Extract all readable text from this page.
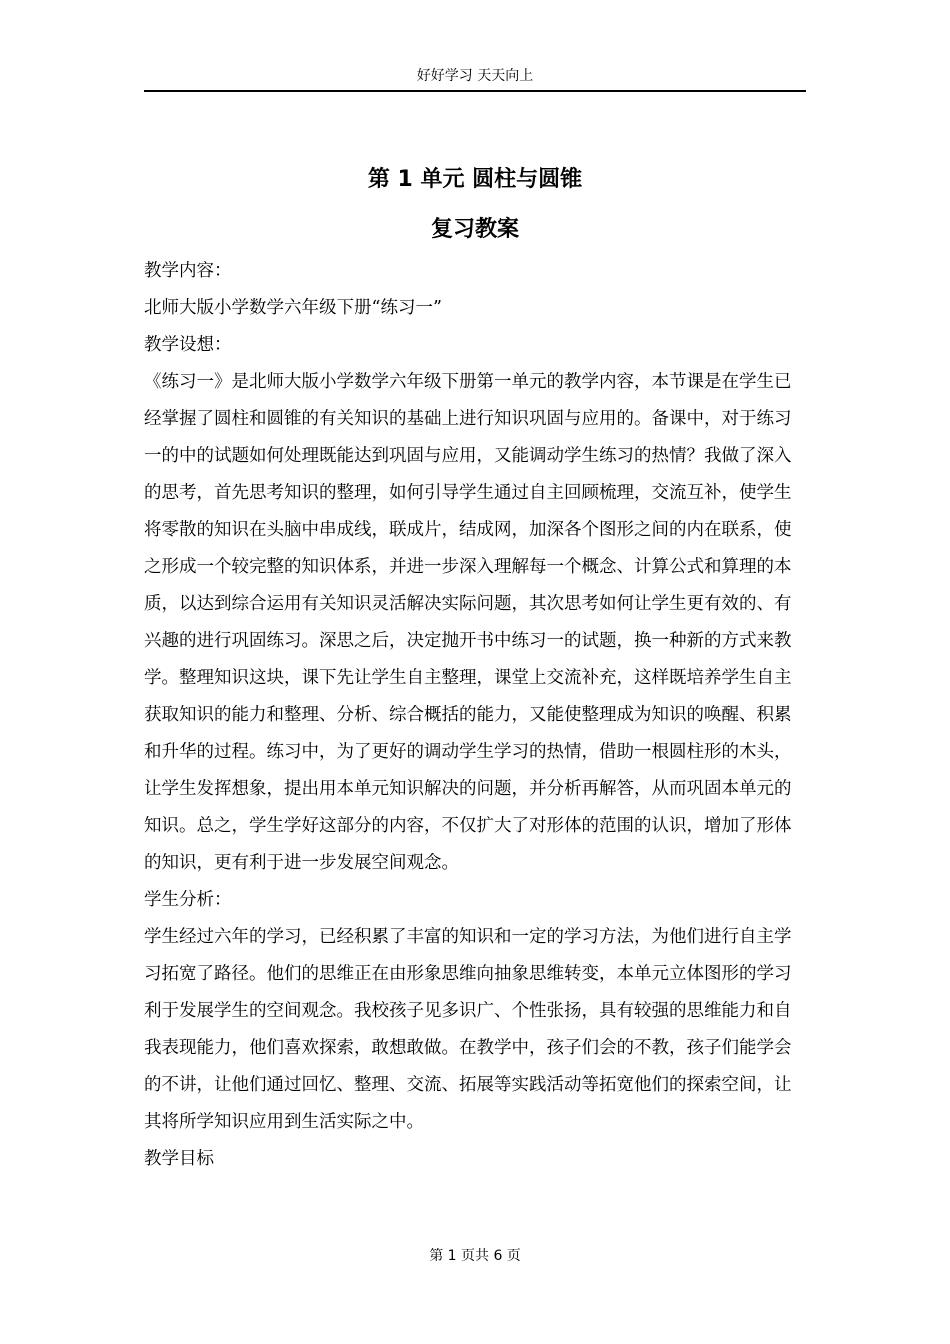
好好学习 天天向上
第 1 单元 圆柱与圆锥
复习教案

教学内容：

北师大版小学数学六年级下册“练习一”

教学设想：

《练习一》是北师大版小学数学六年级下册第一单元的教学内容，本节课是在学生已经掌握了圆柱和圆锥的有关知识的基础上进行知识巩固与应用的。备课中，对于练习一的中的试题如何处理既能达到巩固与应用，又能调动学生练习的热情？我做了深入的思考，首先思考知识的整理，如何引导学生通过自主回顾梳理，交流互补，使学生将零散的知识在头脑中串成线，联成片，结成网，加深各个图形之间的内在联系，使之形成一个较完整的知识体系，并进一步深入理解每一个概念、计算公式和算理的本质，以达到综合运用有关知识灵活解决实际问题，其次思考如何让学生更有效的、有兴趣的进行巩固练习。深思之后，决定抛开书中练习一的试题，换一种新的方式来教学。整理知识这块，课下先让学生自主整理，课堂上交流补充，这样既培养学生自主获取知识的能力和整理、分析、综合概括的能力，又能使整理成为知识的唤醒、积累和升华的过程。练习中，为了更好的调动学生学习的热情，借助一根圆柱形的木头，让学生发挥想象，提出用本单元知识解决的问题，并分析再解答，从而巩固本单元的知识。总之，学生学好这部分的内容，不仅扩大了对形体的范围的认识，增加了形体的知识，更有利于进一步发展空间观念。

学生分析：

学生经过六年的学习，已经积累了丰富的知识和一定的学习方法，为他们进行自主学习拓宽了路径。他们的思维正在由形象思维向抽象思维转变，本单元立体图形的学习利于发展学生的空间观念。我校孩子见多识广、个性张扬，具有较强的思维能力和自我表现能力，他们喜欢探索，敢想敢做。在教学中，孩子们会的不教，孩子们能学会的不讲，让他们通过回忆、整理、交流、拓展等实践活动等拓宽他们的探索空间，让其将所学知识应用到生活实际之中。

教学目标

第 1 页共 6 页
